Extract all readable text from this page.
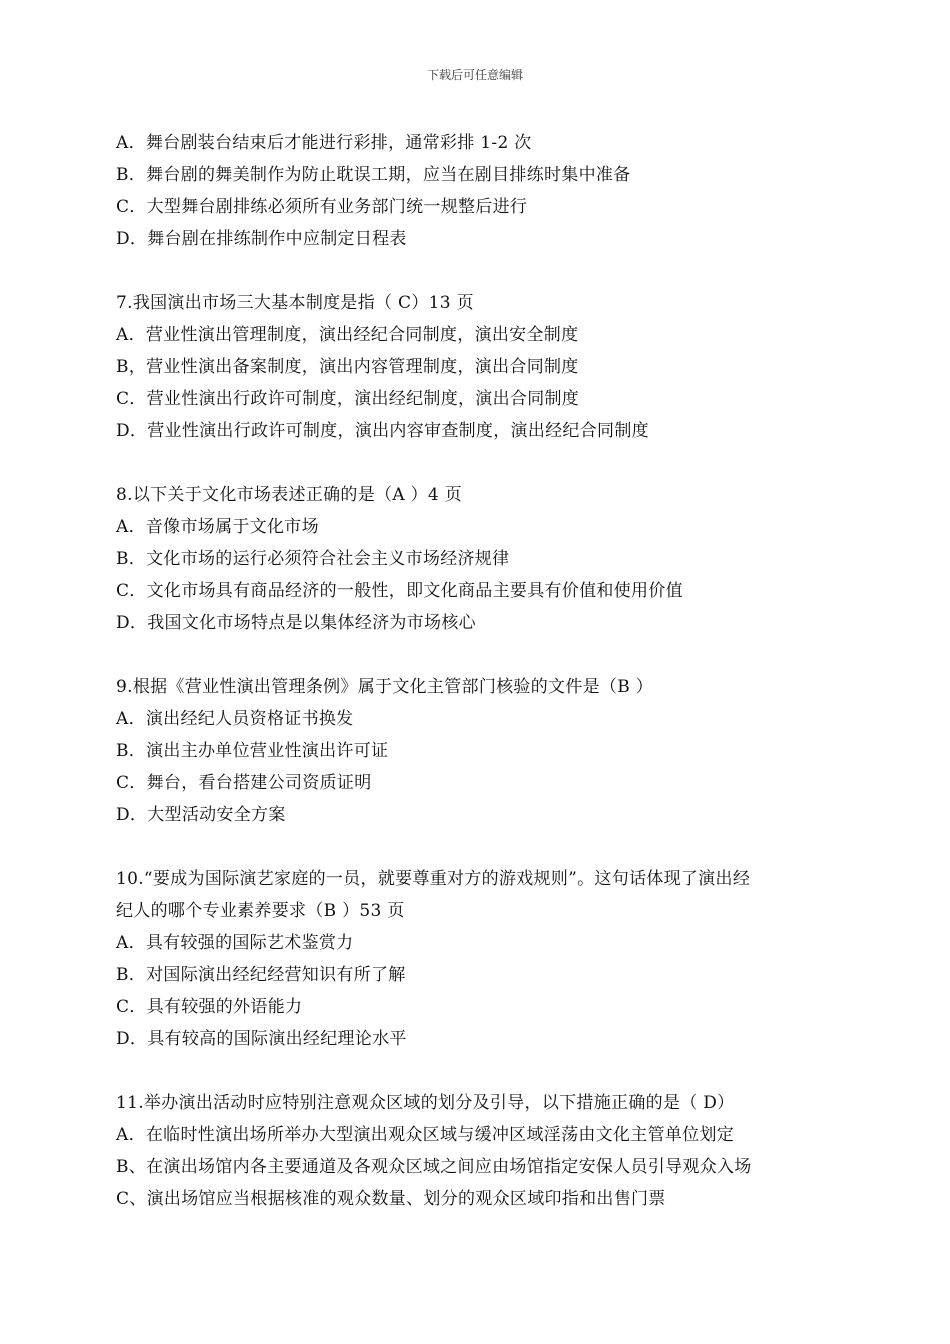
下载后可任意编辑
A．舞台剧装台结束后才能进行彩排，通常彩排 1-2 次
B．舞台剧的舞美制作为防止耽误工期，应当在剧目排练时集中准备
C．大型舞台剧排练必须所有业务部门统一规整后进行
D．舞台剧在排练制作中应制定日程表
7.我国演出市场三大基本制度是指（ C）13 页
A．营业性演出管理制度，演出经纪合同制度，演出安全制度
B，营业性演出备案制度，演出内容管理制度，演出合同制度
C．营业性演出行政许可制度，演出经纪制度，演出合同制度
D．营业性演出行政许可制度，演出内容审查制度，演出经纪合同制度
8.以下关于文化市场表述正确的是（A ）4 页
A．音像市场属于文化市场
B．文化市场的运行必须符合社会主义市场经济规律
C．文化市场具有商品经济的一般性，即文化商品主要具有价值和使用价值
D．我国文化市场特点是以集体经济为市场核心
9.根据《营业性演出管理条例》属于文化主管部门核验的文件是（B ）
A．演出经纪人员资格证书换发
B．演出主办单位营业性演出许可证
C．舞台，看台搭建公司资质证明
D．大型活动安全方案
10.“要成为国际演艺家庭的一员，就要尊重对方的游戏规则”。这句话体现了演出经
纪人的哪个专业素养要求（B ）53 页
A．具有较强的国际艺术鉴赏力
B．对国际演出经纪经营知识有所了解
C．具有较强的外语能力
D．具有较高的国际演出经纪理论水平
11.举办演出活动时应特别注意观众区域的划分及引导，以下措施正确的是（ D）
A．在临时性演出场所举办大型演出观众区域与缓冲区域淫荡由文化主管单位划定
B、在演出场馆内各主要通道及各观众区域之间应由场馆指定安保人员引导观众入场
C、演出场馆应当根据核准的观众数量、划分的观众区域印指和出售门票
